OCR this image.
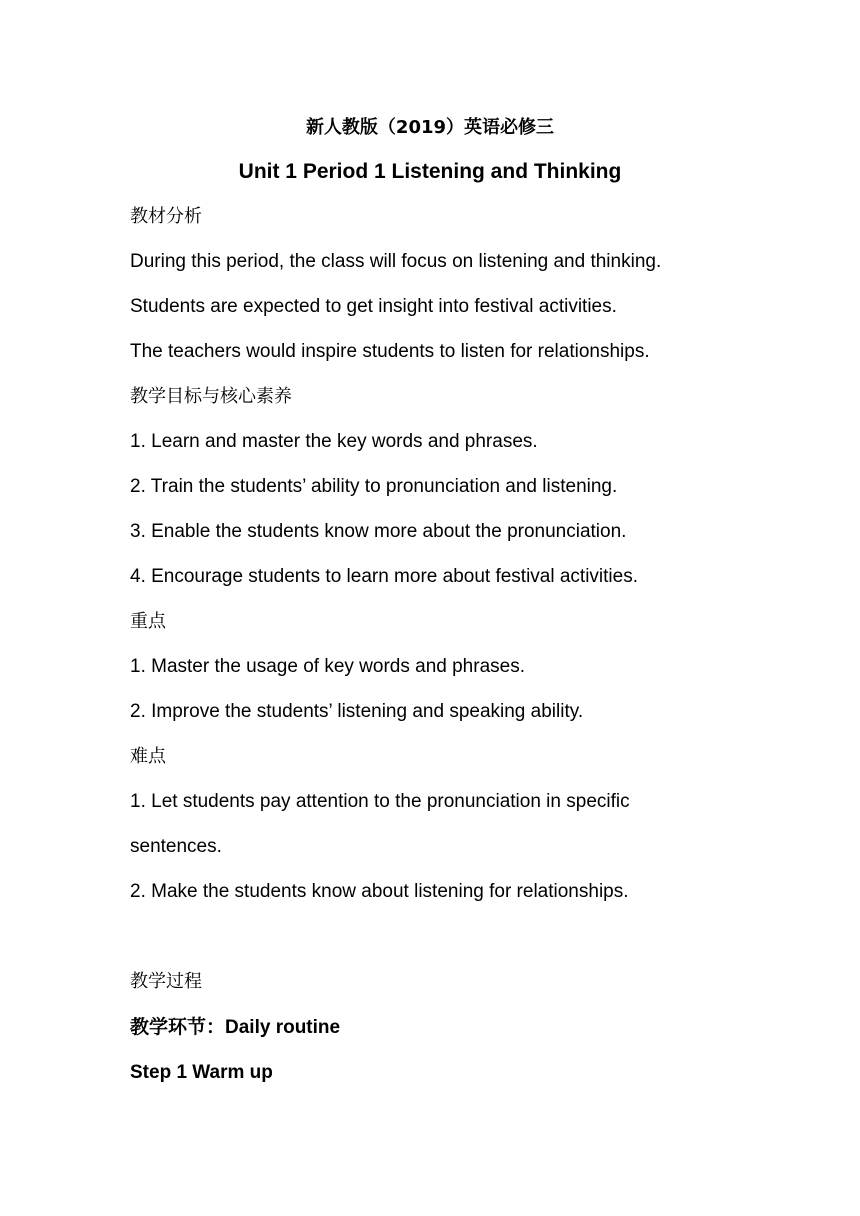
新人教版（2019）英语必修三
Unit 1 Period 1 Listening and Thinking
教材分析
During this period, the class will focus on listening and thinking.
Students are expected to get insight into festival activities.
The teachers would inspire students to listen for relationships.
教学目标与核心素养
1. Learn and master the key words and phrases.
2. Train the students’ ability to pronunciation and listening.
3. Enable the students know more about the pronunciation.
4. Encourage students to learn more about festival activities.
重点
1. Master the usage of key words and phrases.
2. Improve the students’ listening and speaking ability.
难点
1. Let students pay attention to the pronunciation in specific
sentences.
2. Make the students know about listening for relationships.
教学过程
教学环节：Daily routine
Step 1 Warm up
